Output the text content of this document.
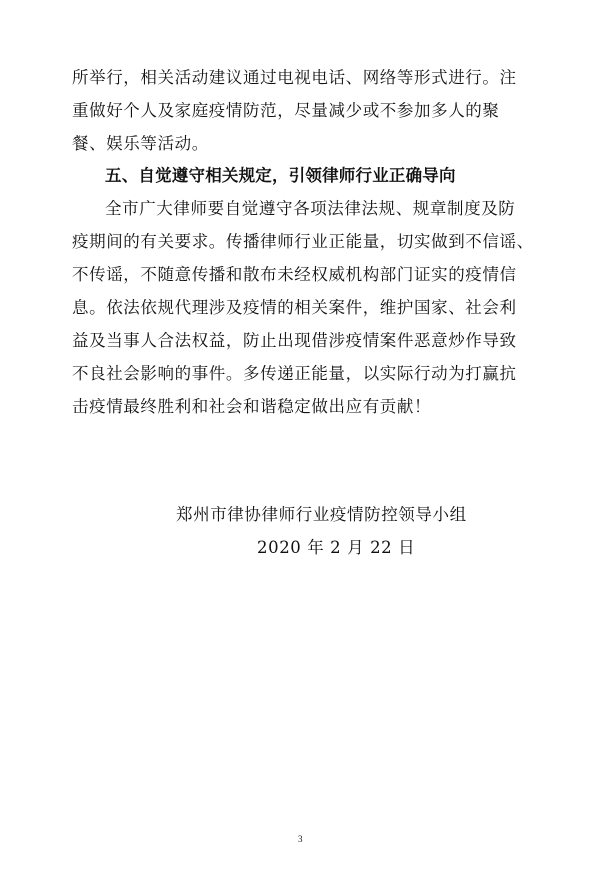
所举行，相关活动建议通过电视电话、网络等形式进行。注
重做好个人及家庭疫情防范，尽量减少或不参加多人的聚
餐、娱乐等活动。
五、自觉遵守相关规定，引领律师行业正确导向
全市广大律师要自觉遵守各项法律法规、规章制度及防
疫期间的有关要求。传播律师行业正能量，切实做到不信谣、
不传谣，不随意传播和散布未经权威机构部门证实的疫情信
息。依法依规代理涉及疫情的相关案件，维护国家、社会利
益及当事人合法权益，防止出现借涉疫情案件恶意炒作导致
不良社会影响的事件。多传递正能量，以实际行动为打赢抗
击疫情最终胜利和社会和谐稳定做出应有贡献！
郑州市律协律师行业疫情防控领导小组
2020 年 2 月 22 日
3
